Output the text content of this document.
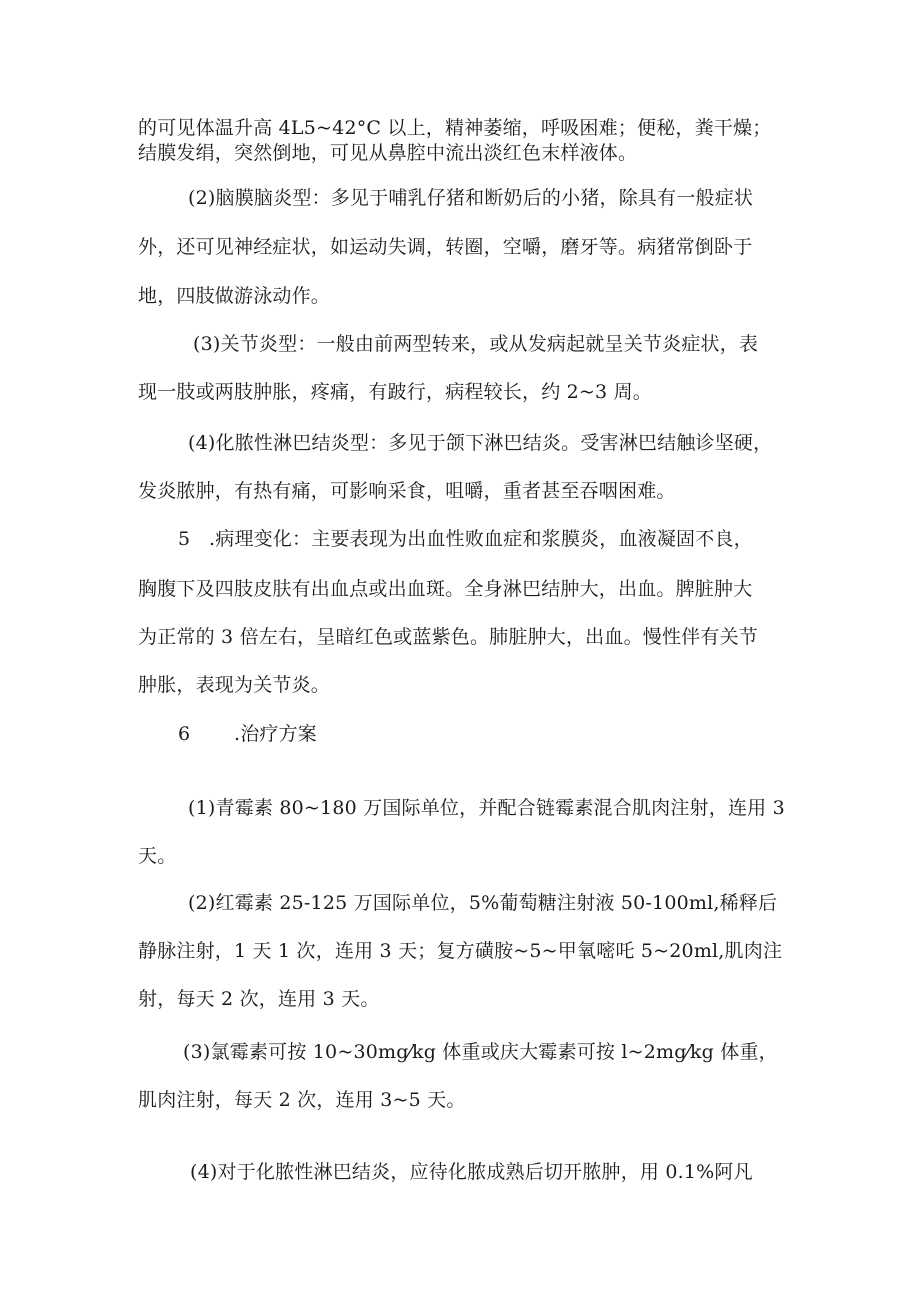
的可见体温升高 4L5~42°C 以上，精神萎缩，呼吸困难；便秘，粪干燥；
结膜发绢，突然倒地，可见从鼻腔中流出淡红色末样液体。
(2)脑膜脑炎型：多见于哺乳仔猪和断奶后的小猪，除具有一般症状
外，还可见神经症状，如运动失调，转圈，空嚼，磨牙等。病猪常倒卧于
地，四肢做游泳动作。
(3)关节炎型：一般由前两型转来，或从发病起就呈关节炎症状，表
现一肢或两肢肿胀，疼痛，有跛行，病程较长，约 2~3 周。
(4)化脓性淋巴结炎型：多见于颌下淋巴结炎。受害淋巴结触诊坚硬，
发炎脓肿，有热有痛，可影响采食，咀嚼，重者甚至吞咽困难。
5   .病理变化：主要表现为出血性败血症和浆膜炎，血液凝固不良，
胸腹下及四肢皮肤有出血点或出血斑。全身淋巴结肿大，出血。脾脏肿大
为正常的 3 倍左右，呈暗红色或蓝紫色。肺脏肿大，出血。慢性伴有关节
肿胀，表现为关节炎。
6       .治疗方案
(1)青霉素 80~180 万国际单位，并配合链霉素混合肌肉注射，连用 3
天。
(2)红霉素 25-125 万国际单位，5%葡萄糖注射液 50-100ml,稀释后
静脉注射，1 天 1 次，连用 3 天；复方磺胺~5~甲氧嘧吒 5~20ml,肌肉注
射，每天 2 次，连用 3 天。
(3)氯霉素可按 10~30mg⁄kg 体重或庆大霉素可按 l~2mg⁄kg 体重，
肌肉注射，每天 2 次，连用 3~5 天。
(4)对于化脓性淋巴结炎，应待化脓成熟后切开脓肿，用 0.1%阿凡
